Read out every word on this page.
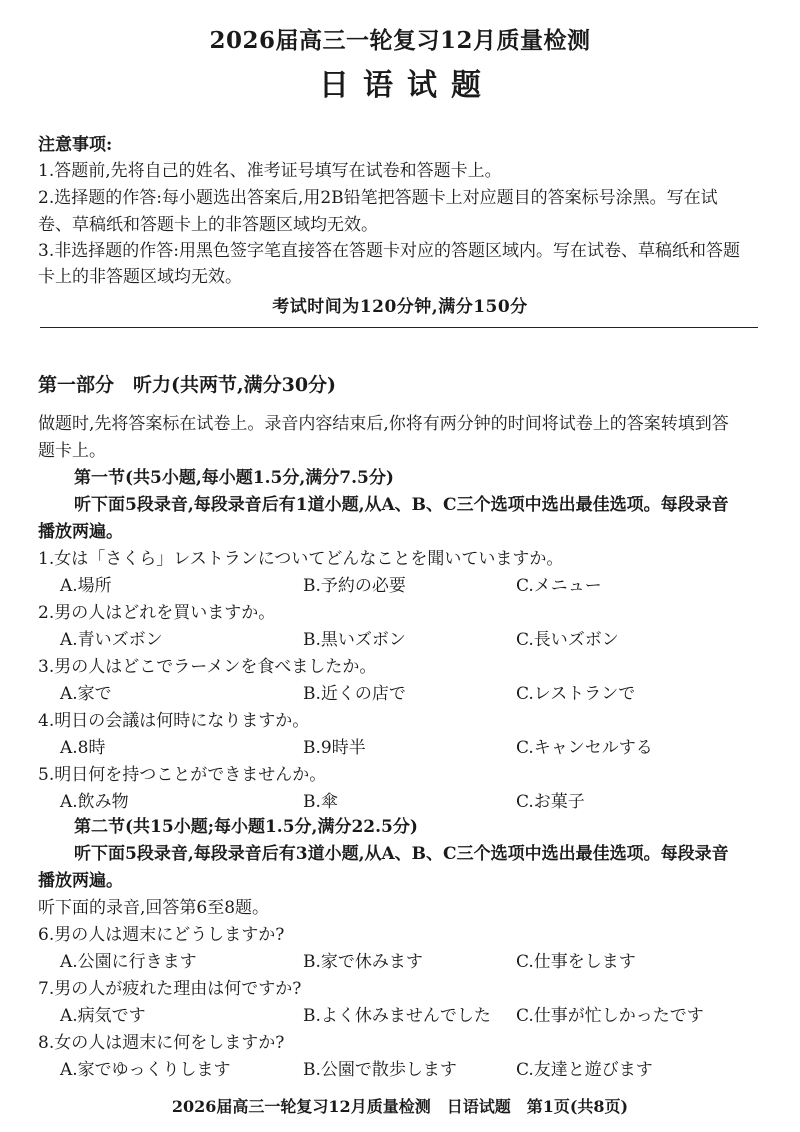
2026届高三一轮复习12月质量检测
日语试题
注意事项:
1.答题前,先将自己的姓名、准考证号填写在试卷和答题卡上。
2.选择题的作答:每小题选出答案后,用2B铅笔把答题卡上对应题目的答案标号涂黑。写在试
卷、草稿纸和答题卡上的非答题区域均无效。
3.非选择题的作答:用黑色签字笔直接答在答题卡对应的答题区域内。写在试卷、草稿纸和答题
卡上的非答题区域均无效。
考试时间为120分钟,满分150分
第一部分　听力(共两节,满分30分)
做题时,先将答案标在试卷上。录音内容结束后,你将有两分钟的时间将试卷上的答案转填到答
题卡上。
第一节(共5小题,每小题1.5分,满分7.5分)
听下面5段录音,每段录音后有1道小题,从A、B、C三个选项中选出最佳选项。每段录音
播放两遍。
1.女は「さくら」レストランについてどんなことを聞いていますか。
A.場所	B.予約の必要	C.メニュー
2.男の人はどれを買いますか。
A.青いズボン	B.黒いズボン	C.長いズボン
3.男の人はどこでラーメンを食べましたか。
A.家で	B.近くの店で	C.レストランで
4.明日の会議は何時になりますか。
A.8時	B.9時半	C.キャンセルする
5.明日何を持つことができませんか。
A.飲み物	B.傘	C.お菓子
第二节(共15小题;每小题1.5分,满分22.5分)
听下面5段录音,每段录音后有3道小题,从A、B、C三个选项中选出最佳选项。每段录音
播放两遍。
听下面的录音,回答第6至8题。
6.男の人は週末にどうしますか?
A.公園に行きます	B.家で休みます	C.仕事をします
7.男の人が疲れた理由は何ですか?
A.病気です	B.よく休みませんでした C.仕事が忙しかったです
8.女の人は週末に何をしますか?
A.家でゆっくりします	B.公園で散歩します	C.友達と遊びます
2026届高三一轮复习12月质量检测　日语试题　第1页(共8页)
